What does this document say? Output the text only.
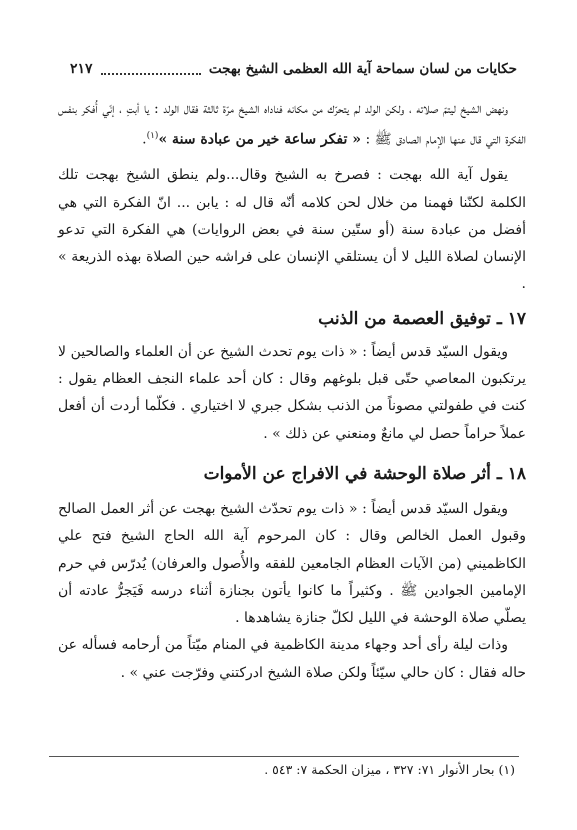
حكايات من لسان سماحة آية الله العظمى الشيخ بهجت
٢١٧

ونهض الشيخ ليتمّ صلاته ، ولكن الولد لم يتحرّك من مكانه فناداه الشيخ مرّة ثالثة فقال الولد : يا أبتِ ، إنّي أُفكر بنفس الفكرة التي قال عنها الإمام الصادق ﷺ : « تفكر ساعة خير من عبادة سنة »$^{(١)}$.

يقول آية الله بهجت : فصرخ به الشيخ وقال...ولم ينطق الشيخ بهجت تلك الكلمة لكنّنا فهمنا من خلال لحن كلامه أنّه قال له : يابن ... انّ الفكرة التي هي أفضل من عبادة سنة (أو ستّين سنة في بعض الروايات) هي الفكرة التي تدعو الإنسان لصلاة الليل لا أن يستلقي الإنسان على فراشه حين الصلاة بهذه الذريعة » .

١٧ ـ توفيق العصمة من الذنب

ويقول السيّد قدس أيضاً : « ذات يوم تحدث الشيخ عن أن العلماء والصالحين لا يرتكبون المعاصي حتّى قبل بلوغهم وقال : كان أحد علماء النجف العظام يقول : كنت في طفولتي مصوناً من الذنب بشكل جبري لا اختياري . فكلّما أردت أن أفعل عملاً حراماً حصل لي مانعٌ ومنعني عن ذلك » .

١٨ ـ أثر صلاة الوحشة في الافراج عن الأموات

ويقول السيّد قدس أيضاً : « ذات يوم تحدّث الشيخ بهجت عن أثر العمل الصالح وقبول العمل الخالص وقال : كان المرحوم آية الله الحاج الشيخ فتح علي الكاظميني (من الآيات العظام الجامعين للفقه والأُصول والعرفان) يُدرّس في حرم الإمامين الجوادين ﷺ . وكثيراً ما كانوا يأتون بجنازة أثناء درسه فَيَجرُّ عادته أن يصلّي صلاة الوحشة في الليل لكلّ جنازة يشاهدها .

وذات ليلة رأى أحد وجهاء مدينة الكاظمية في المنام ميّتاً من أرحامه فسأله عن حاله فقال : كان حالي سيّئاً ولكن صلاة الشيخ ادركتني وفرّجت عني » .

(١) بحار الأنوار ٧١: ٣٢٧ ، ميزان الحكمة ٧: ٥٤٣ .
